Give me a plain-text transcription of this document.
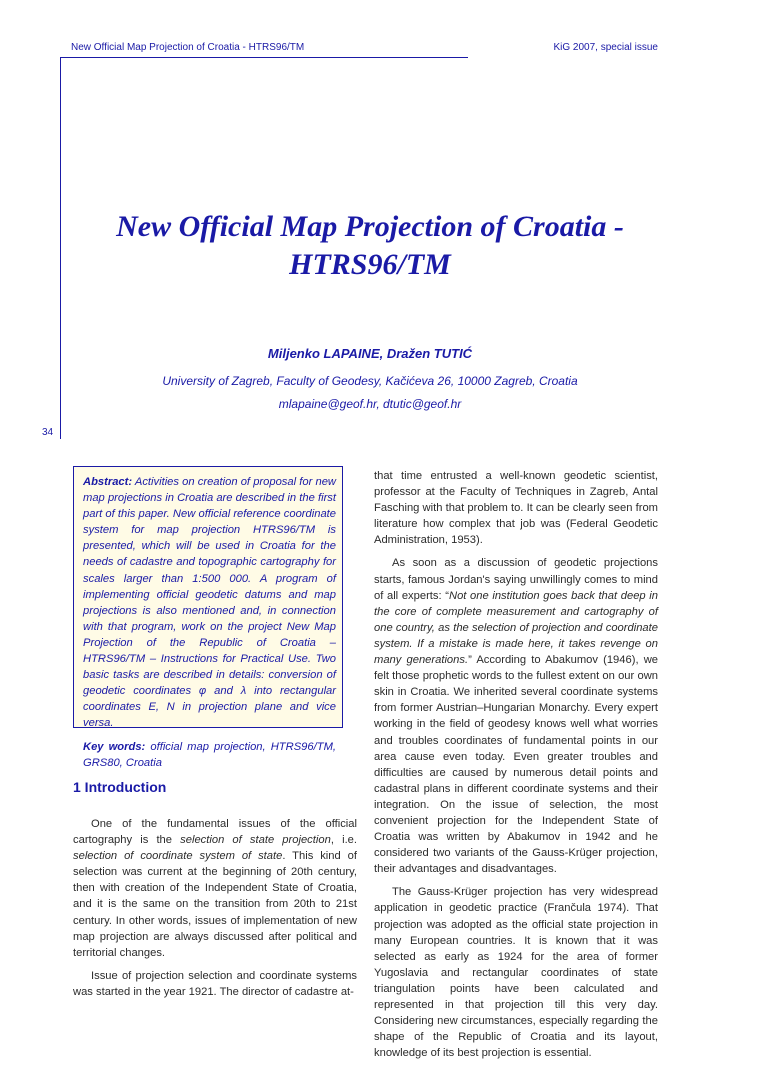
New Official Map Projection of Croatia - HTRS96/TM	KiG 2007, special issue
34
New Official Map Projection of Croatia -
HTRS96/TM
Miljenko LAPAINE, Dražen TUTIĆ
University of Zagreb, Faculty of Geodesy, Kačićeva 26, 10000 Zagreb, Croatia
mlapaine@geof.hr, dtutic@geof.hr

Abstract: Activities on creation of proposal for new map projections in Croatia are described in the first part of this paper. New official reference coordinate system for map projection HTRS96/TM is presented, which will be used in Croatia for the needs of cadastre and topographic cartography for scales larger than 1:500 000. A program of implementing official geodetic datums and map projections is also mentioned and, in connection with that program, work on the project New Map Projection of the Republic of Croatia – HTRS96/TM – Instructions for Practical Use. Two basic tasks are described in details: conversion of geodetic coordinates φ and λ into rectangular coordinates E, N in projection plane and vice versa.

Key words: official map projection, HTRS96/TM, GRS80, Croatia

1 Introduction

One of the fundamental issues of the official cartography is the selection of state projection, i.e. selection of coordinate system of state. This kind of selection was current at the beginning of 20th century, then with creation of the Independent State of Croatia, and it is the same on the transition from 20th to 21st century. In other words, issues of implementation of new map projection are always discussed after political and territorial changes.

Issue of projection selection and coordinate systems was started in the year 1921. The director of cadastre at-

that time entrusted a well-known geodetic scientist, professor at the Faculty of Techniques in Zagreb, Antal Fasching with that problem to. It can be clearly seen from literature how complex that job was (Federal Geodetic Administration, 1953).

As soon as a discussion of geodetic projections starts, famous Jordan's saying unwillingly comes to mind of all experts: “Not one institution goes back that deep in the core of complete measurement and cartography of one country, as the selection of projection and coordinate system. If a mistake is made here, it takes revenge on many generations.” According to Abakumov (1946), we felt those prophetic words to the fullest extent on our own skin in Croatia. We inherited several coordinate systems from former Austrian–Hungarian Monarchy. Every expert working in the field of geodesy knows well what worries and troubles coordinates of fundamental points in our area cause even today. Even greater troubles and difficulties are caused by numerous detail points and cadastral plans in different coordinate systems and their integration. On the issue of selection, the most convenient projection for the Independent State of Croatia was written by Abakumov in 1942 and he considered two variants of the Gauss-Krüger projection, their advantages and disadvantages.

The Gauss-Krüger projection has very widespread application in geodetic practice (Frančula 1974). That projection was adopted as the official state projection in many European countries. It is known that it was selected as early as 1924 for the area of former Yugoslavia and rectangular coordinates of state triangulation points have been calculated and represented in that projection till this very day. Considering new circumstances, especially regarding the shape of the Republic of Croatia and its layout, knowledge of its best projection is essential.
